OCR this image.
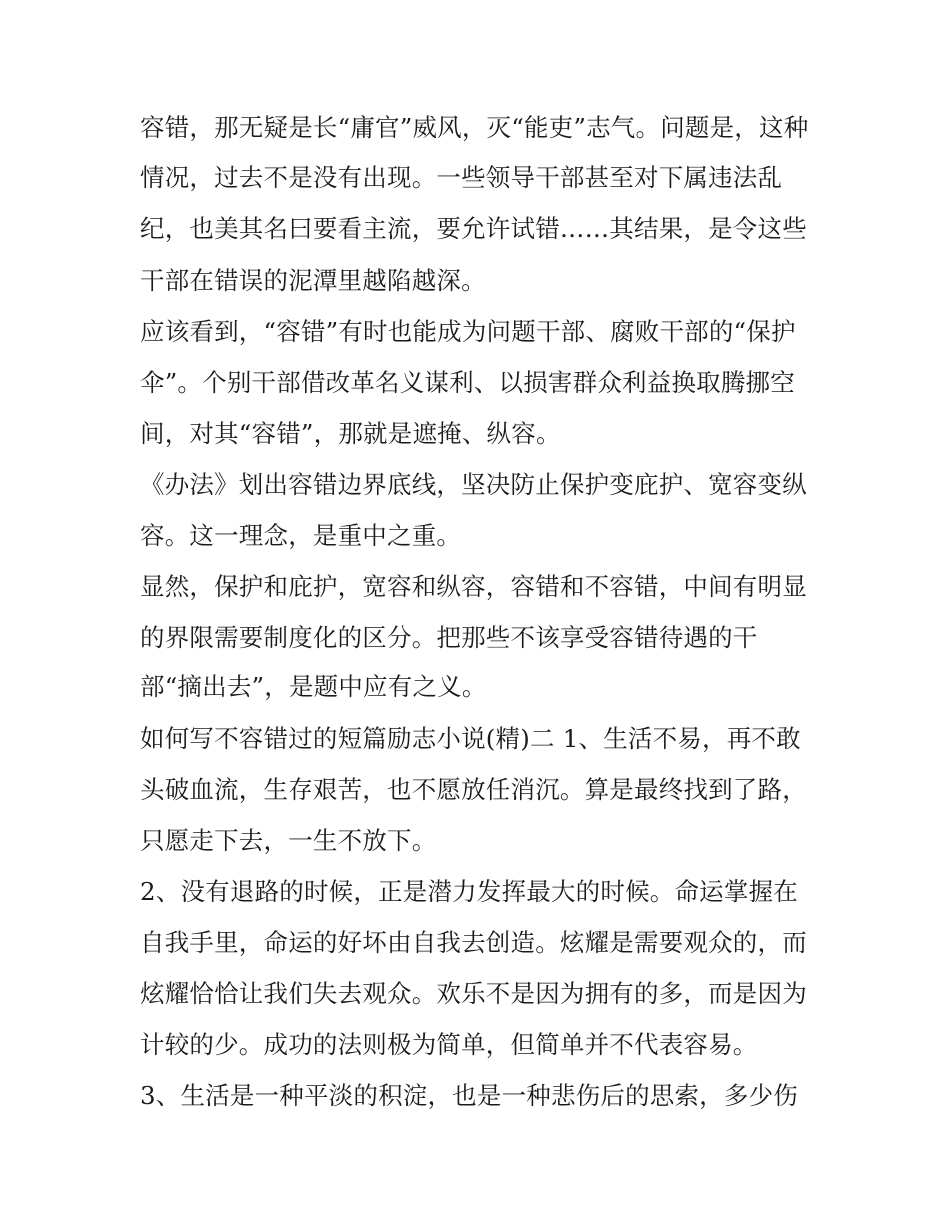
容错，那无疑是长“庸官”威风，灭“能吏”志气。问题是，这种
情况，过去不是没有出现。一些领导干部甚至对下属违法乱
纪，也美其名曰要看主流，要允许试错……其结果，是令这些
干部在错误的泥潭里越陷越深。
应该看到，“容错”有时也能成为问题干部、腐败干部的“保护
伞”。个别干部借改革名义谋利、以损害群众利益换取腾挪空
间，对其“容错”，那就是遮掩、纵容。
《办法》划出容错边界底线，坚决防止保护变庇护、宽容变纵
容。这一理念，是重中之重。
显然，保护和庇护，宽容和纵容，容错和不容错，中间有明显
的界限需要制度化的区分。把那些不该享受容错待遇的干
部“摘出去”，是题中应有之义。
如何写不容错过的短篇励志小说(精)二 1、生活不易，再不敢
头破血流，生存艰苦，也不愿放任消沉。算是最终找到了路，
只愿走下去，一生不放下。
2、没有退路的时候，正是潜力发挥最大的时候。命运掌握在
自我手里，命运的好坏由自我去创造。炫耀是需要观众的，而
炫耀恰恰让我们失去观众。欢乐不是因为拥有的多，而是因为
计较的少。成功的法则极为简单，但简单并不代表容易。
3、生活是一种平淡的积淀，也是一种悲伤后的思索，多少伤
